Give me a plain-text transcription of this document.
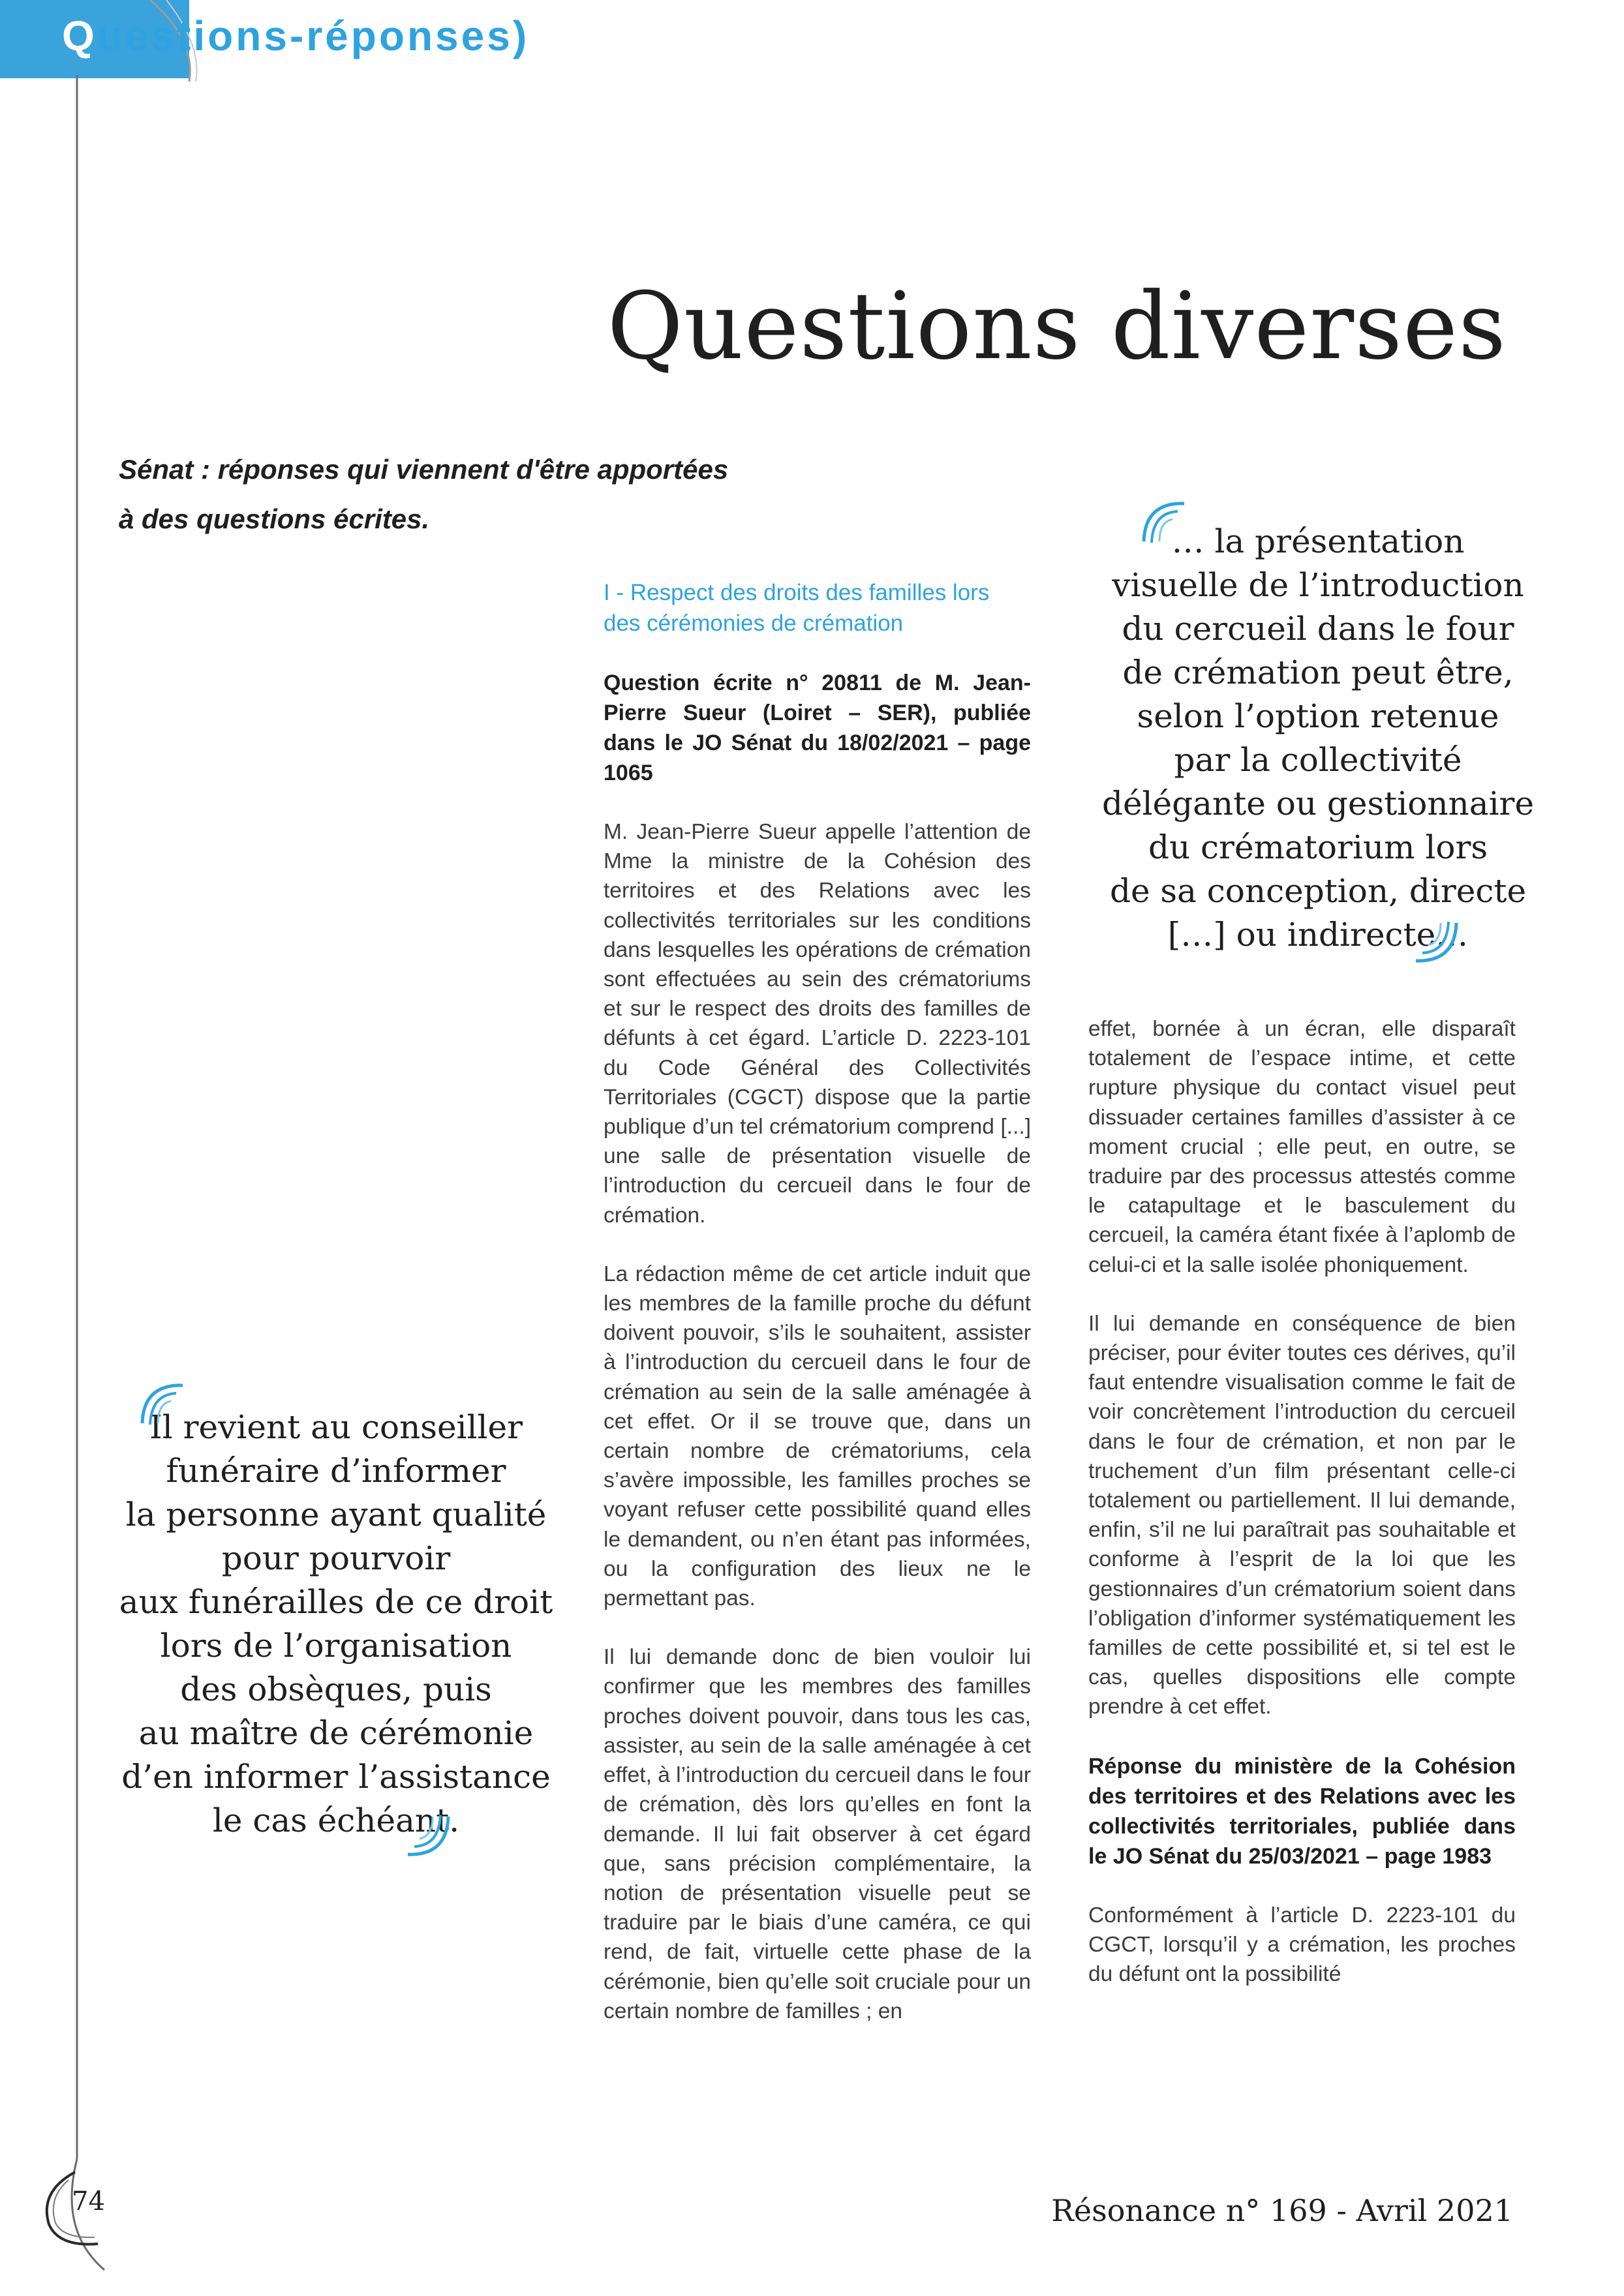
Questions-réponses)
Questions diverses
Sénat : réponses qui viennent d'être apportées
à des questions écrites.
… la présentation
visuelle de l’introduction
du cercueil dans le four
de crémation peut être,
selon l’option retenue
par la collectivité
délégante ou gestionnaire
du crématorium lors
de sa conception, directe
[…] ou indirecte…
Il revient au conseiller
funéraire d’informer
la personne ayant qualité
pour pourvoir
aux funérailles de ce droit
lors de l’organisation
des obsèques, puis
au maître de cérémonie
d’en informer l’assistance
le cas échéant.

I - Respect des droits des familles lors des cérémonies de crémation

Question écrite n° 20811 de M. Jean-Pierre Sueur (Loiret – SER), publiée dans le JO Sénat du 18/02/2021 – page 1065

M. Jean-Pierre Sueur appelle l’attention de Mme la ministre de la Cohésion des territoires et des Relations avec les collectivités territoriales sur les conditions dans lesquelles les opérations de crémation sont effectuées au sein des crématoriums et sur le respect des droits des familles de défunts à cet égard. L’article D. 2223-101 du Code Général des Collectivités Territoriales (CGCT) dispose que la partie publique d’un tel crématorium comprend [...] une salle de présentation visuelle de l’introduction du cercueil dans le four de crémation.

La rédaction même de cet article induit que les membres de la famille proche du défunt doivent pouvoir, s’ils le souhaitent, assister à l’introduction du cercueil dans le four de crémation au sein de la salle aménagée à cet effet. Or il se trouve que, dans un certain nombre de crématoriums, cela s’avère impossible, les familles proches se voyant refuser cette possibilité quand elles le demandent, ou n’en étant pas informées, ou la configuration des lieux ne le permettant pas.

Il lui demande donc de bien vouloir lui confirmer que les membres des familles proches doivent pouvoir, dans tous les cas, assister, au sein de la salle aménagée à cet effet, à l’introduction du cercueil dans le four de crémation, dès lors qu’elles en font la demande. Il lui fait observer à cet égard que, sans précision complémentaire, la notion de présentation visuelle peut se traduire par le biais d’une caméra, ce qui rend, de fait, virtuelle cette phase de la cérémonie, bien qu’elle soit cruciale pour un certain nombre de familles ; en

effet, bornée à un écran, elle disparaît totalement de l’espace intime, et cette rupture physique du contact visuel peut dissuader certaines familles d’assister à ce moment crucial ; elle peut, en outre, se traduire par des processus attestés comme le catapultage et le basculement du cercueil, la caméra étant fixée à l’aplomb de celui-ci et la salle isolée phoniquement.

Il lui demande en conséquence de bien préciser, pour éviter toutes ces dérives, qu’il faut entendre visualisation comme le fait de voir concrètement l’introduction du cercueil dans le four de crémation, et non par le truchement d’un film présentant celle-ci totalement ou partiellement. Il lui demande, enfin, s’il ne lui paraîtrait pas souhaitable et conforme à l’esprit de la loi que les gestionnaires d’un crématorium soient dans l’obligation d’informer systématiquement les familles de cette possibilité et, si tel est le cas, quelles dispositions elle compte prendre à cet effet.

Réponse du ministère de la Cohésion des territoires et des Relations avec les collectivités territoriales, publiée dans le JO Sénat du 25/03/2021 – page 1983

Conformément à l’article D. 2223-101 du CGCT, lorsqu’il y a crémation, les proches du défunt ont la possibilité

74	Résonance n° 169 - Avril 2021
